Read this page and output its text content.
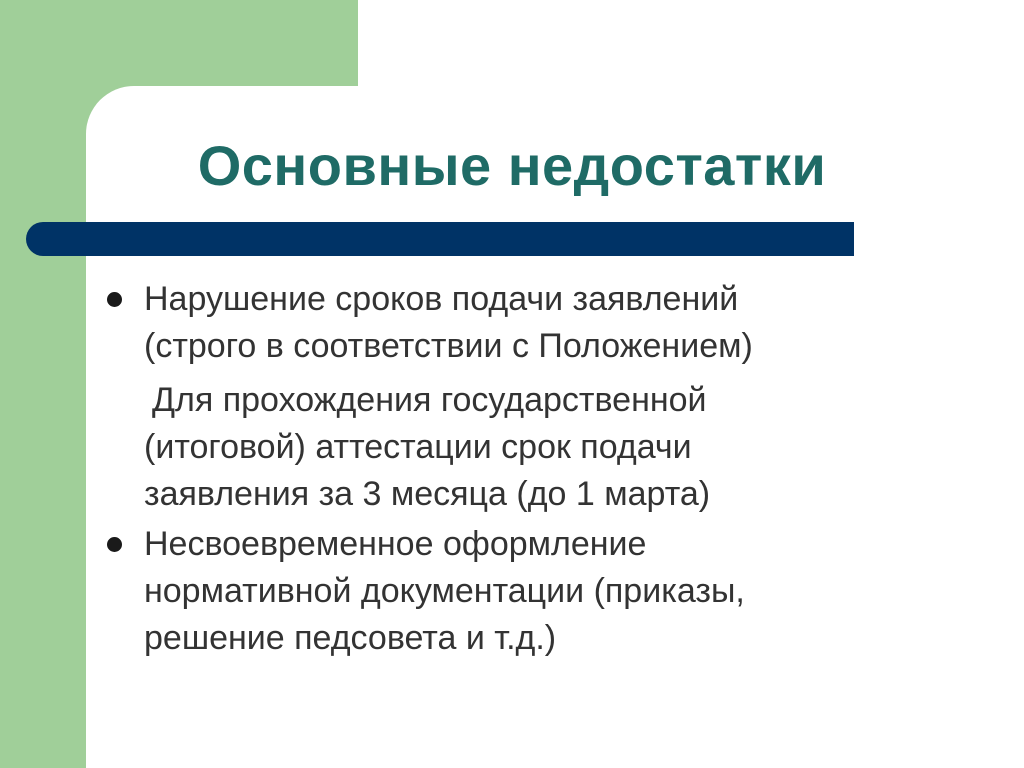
Основные недостатки
Нарушение сроков подачи заявлений
(строго в соответствии с Положением)
Для прохождения государственной
(итоговой) аттестации срок подачи
заявления за 3 месяца (до 1 марта)
Несвоевременное оформление
нормативной документации (приказы,
решение педсовета и т.д.)
